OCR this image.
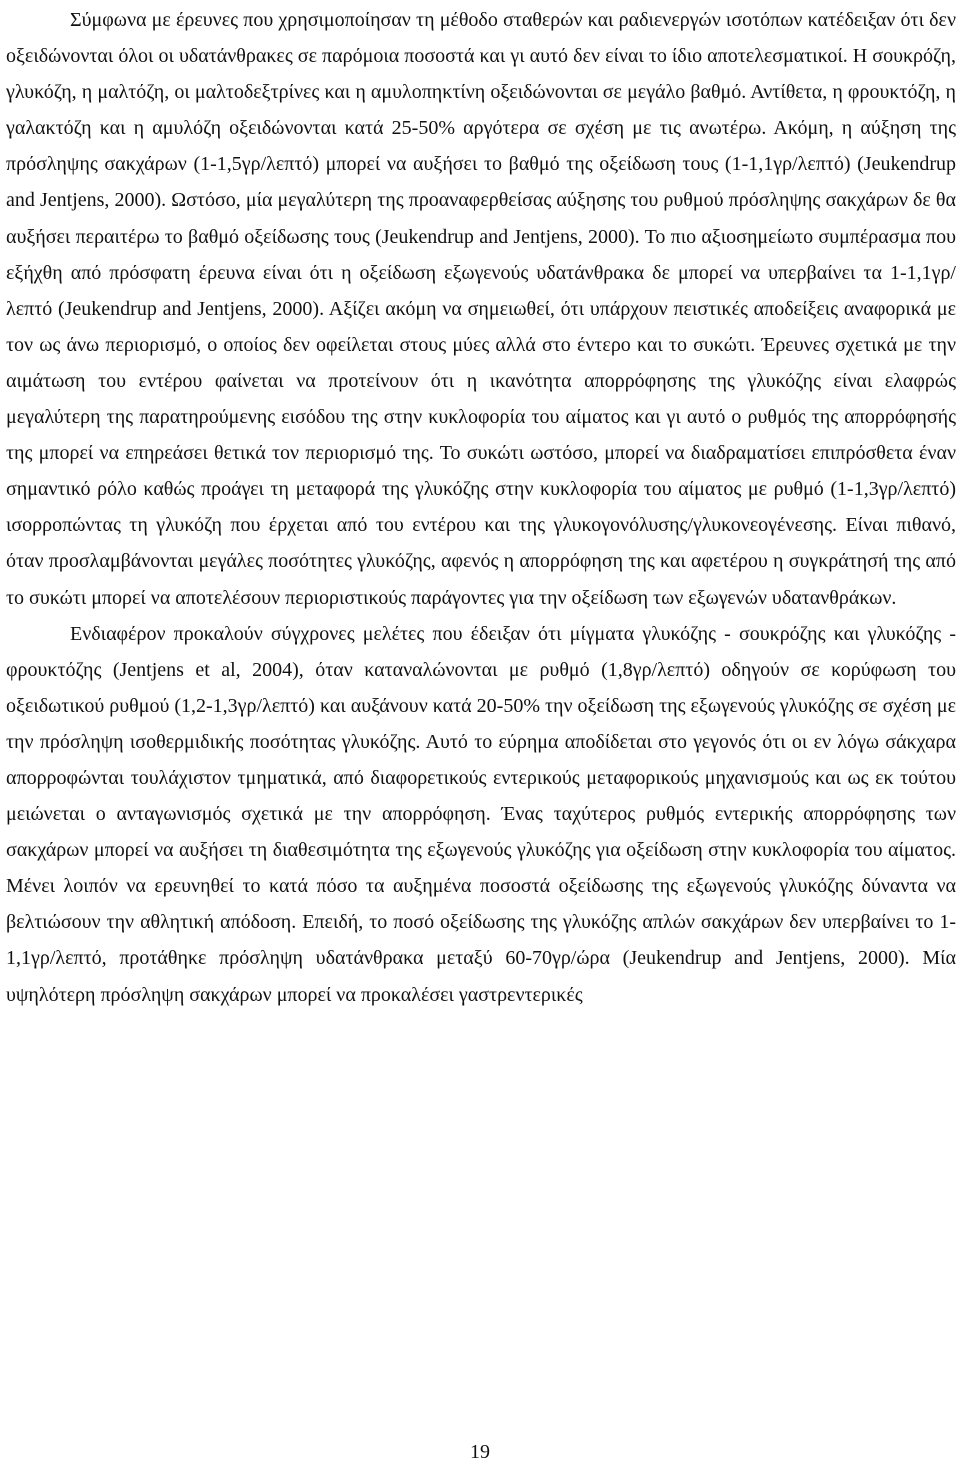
Σύμφωνα με έρευνες που χρησιμοποίησαν τη μέθοδο σταθερών και ραδιενεργών ισοτόπων κατέδειξαν ότι δεν οξειδώνονται όλοι οι υδατάνθρακες σε παρόμοια ποσοστά και γι αυτό δεν είναι το ίδιο αποτελεσματικοί. Η σουκρόζη, γλυκόζη, η μαλτόζη, οι μαλτοδεξτρίνες και η αμυλοπηκτίνη οξειδώνονται σε μεγάλο βαθμό. Αντίθετα, η φρουκτόζη, η γαλακτόζη και η αμυλόζη οξειδώνονται κατά 25-50% αργότερα σε σχέση με τις ανωτέρω. Ακόμη, η αύξηση της πρόσληψης σακχάρων (1-1,5γρ/λεπτό) μπορεί να αυξήσει το βαθμό της οξείδωση τους (1-1,1γρ/λεπτό) (Jeukendrup and Jentjens, 2000). Ωστόσο, μία μεγαλύτερη της προαναφερθείσας αύξησης του ρυθμού πρόσληψης σακχάρων δε θα αυξήσει περαιτέρω το βαθμό οξείδωσης τους (Jeukendrup and Jentjens, 2000). Το πιο αξιοσημείωτο συμπέρασμα που εξήχθη από πρόσφατη έρευνα είναι ότι η οξείδωση εξωγενούς υδατάνθρακα δε μπορεί να υπερβαίνει τα 1-1,1γρ/λεπτό (Jeukendrup and Jentjens, 2000). Αξίζει ακόμη να σημειωθεί, ότι υπάρχουν πειστικές αποδείξεις αναφορικά με τον ως άνω περιορισμό, ο οποίος δεν οφείλεται στους μύες αλλά στο έντερο και το συκώτι. Έρευνες σχετικά με την αιμάτωση του εντέρου φαίνεται να προτείνουν ότι η ικανότητα απορρόφησης της γλυκόζης είναι ελαφρώς μεγαλύτερη της παρατηρούμενης εισόδου της στην κυκλοφορία του αίματος και γι αυτό ο ρυθμός της απορρόφησής της μπορεί να επηρεάσει θετικά τον περιορισμό της. Το συκώτι ωστόσο, μπορεί να διαδραματίσει επιπρόσθετα έναν σημαντικό ρόλο καθώς προάγει τη μεταφορά της γλυκόζης στην κυκλοφορία του αίματος με ρυθμό (1-1,3γρ/λεπτό) ισορροπώντας τη γλυκόζη που έρχεται από του εντέρου και της γλυκογονόλυσης/γλυκονεογένεσης. Είναι πιθανό, όταν προσλαμβάνονται μεγάλες ποσότητες γλυκόζης, αφενός η απορρόφηση της και αφετέρου η συγκράτησή της από το συκώτι μπορεί να αποτελέσουν περιοριστικούς παράγοντες για την οξείδωση των εξωγενών υδατανθράκων.

Ενδιαφέρον προκαλούν σύγχρονες μελέτες που έδειξαν ότι μίγματα γλυκόζης - σουκρόζης και γλυκόζης - φρουκτόζης (Jentjens et al, 2004), όταν καταναλώνονται με ρυθμό (1,8γρ/λεπτό) οδηγούν σε κορύφωση του οξειδωτικού ρυθμού (1,2-1,3γρ/λεπτό) και αυξάνουν κατά 20-50% την οξείδωση της εξωγενούς γλυκόζης σε σχέση με την πρόσληψη ισοθερμιδικής ποσότητας γλυκόζης. Αυτό το εύρημα αποδίδεται στο γεγονός ότι οι εν λόγω σάκχαρα απορροφώνται τουλάχιστον τμηματικά, από διαφορετικούς εντερικούς μεταφορικούς μηχανισμούς και ως εκ τούτου μειώνεται ο ανταγωνισμός σχετικά με την απορρόφηση. Ένας ταχύτερος ρυθμός εντερικής απορρόφησης των σακχάρων μπορεί να αυξήσει τη διαθεσιμότητα της εξωγενούς γλυκόζης για οξείδωση στην κυκλοφορία του αίματος. Μένει λοιπόν να ερευνηθεί το κατά πόσο τα αυξημένα ποσοστά οξείδωσης της εξωγενούς γλυκόζης δύναντα να βελτιώσουν την αθλητική απόδοση. Επειδή, το ποσό οξείδωσης της γλυκόζης απλών σακχάρων δεν υπερβαίνει το 1-1,1γρ/λεπτό, προτάθηκε πρόσληψη υδατάνθρακα μεταξύ 60-70γρ/ώρα (Jeukendrup and Jentjens, 2000). Μία υψηλότερη πρόσληψη σακχάρων μπορεί να προκαλέσει γαστρεντερικές

19
